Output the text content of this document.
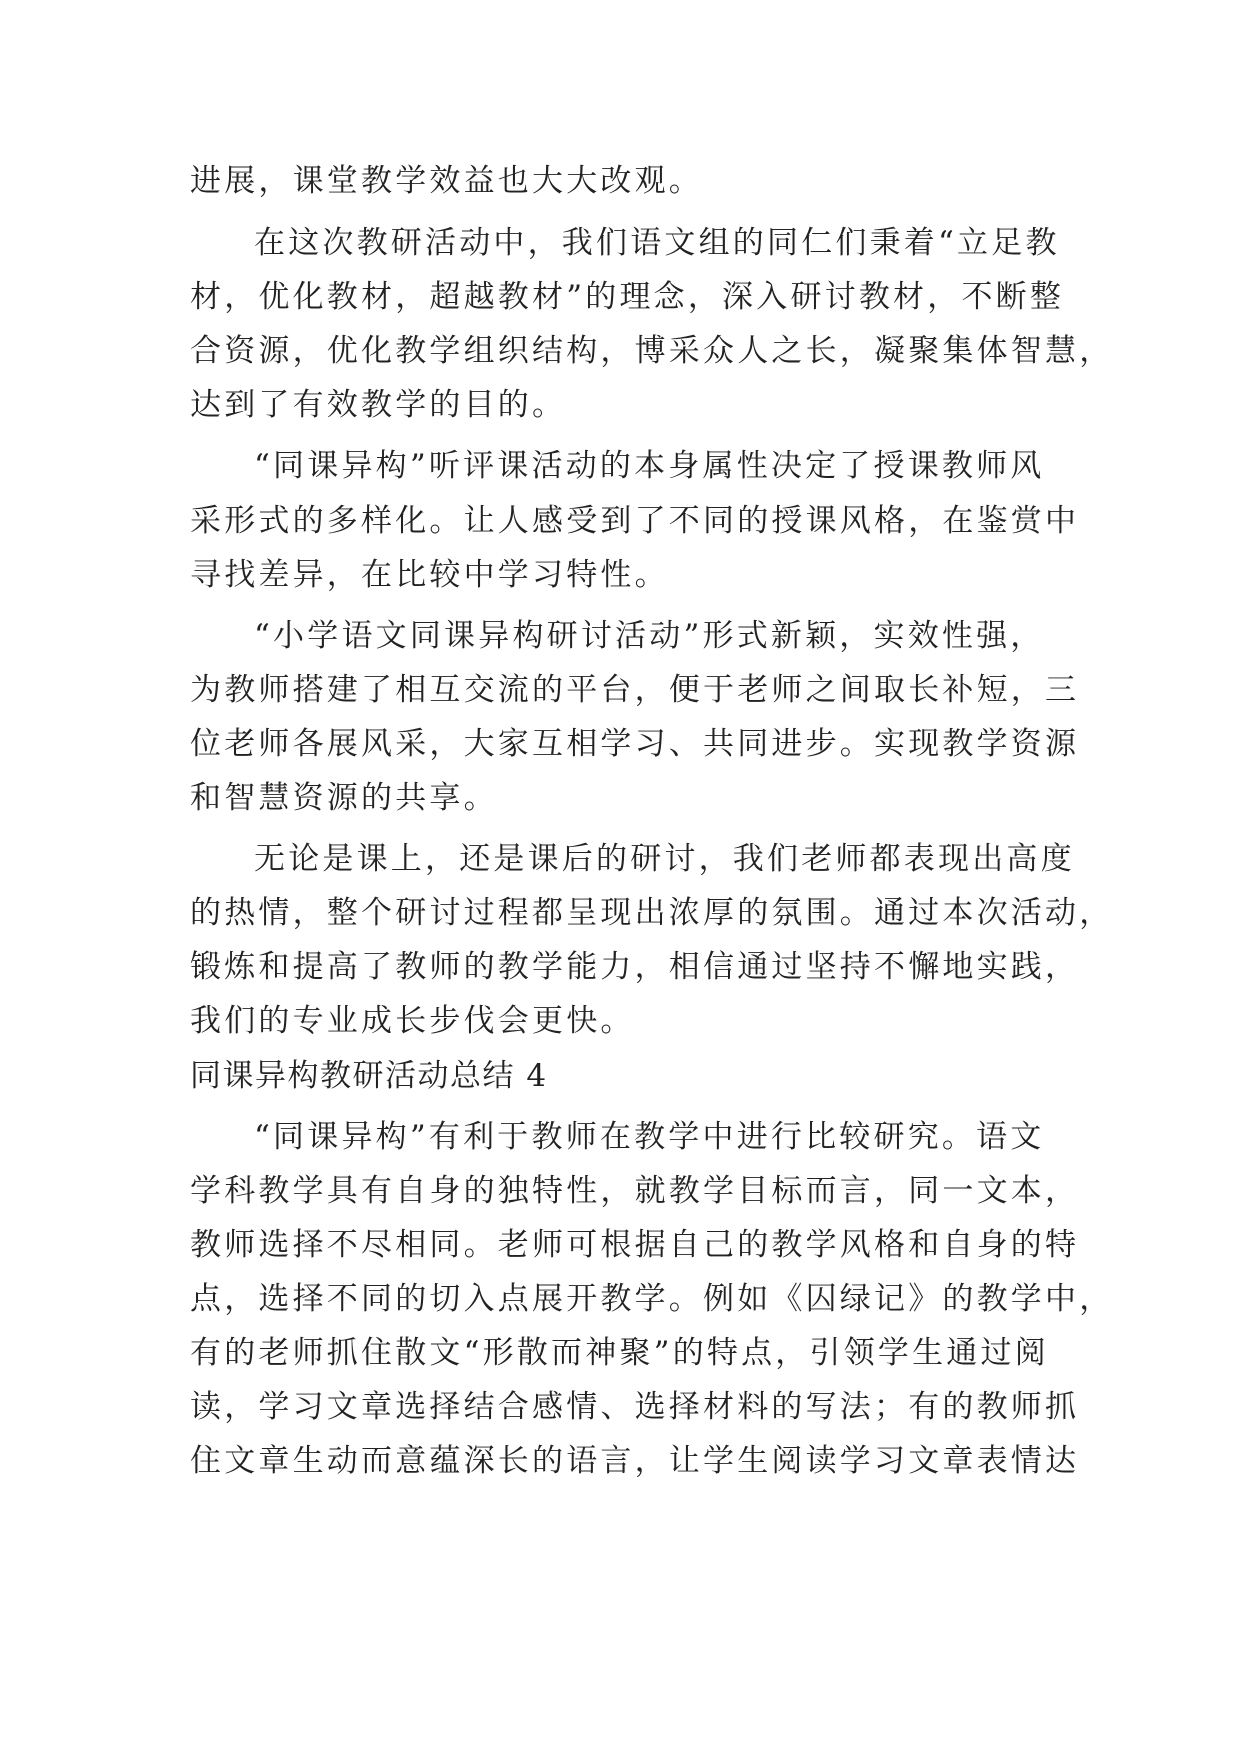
进展，课堂教学效益也大大改观。
在这次教研活动中，我们语文组的同仁们秉着“立足教
材，优化教材，超越教材”的理念，深入研讨教材，不断整
合资源，优化教学组织结构，博采众人之长，凝聚集体智慧，
达到了有效教学的目的。
“同课异构”听评课活动的本身属性决定了授课教师风
采形式的多样化。让人感受到了不同的授课风格，在鉴赏中
寻找差异，在比较中学习特性。
“小学语文同课异构研讨活动”形式新颖，实效性强，
为教师搭建了相互交流的平台，便于老师之间取长补短，三
位老师各展风采，大家互相学习、共同进步。实现教学资源
和智慧资源的共享。
无论是课上，还是课后的研讨，我们老师都表现出高度
的热情，整个研讨过程都呈现出浓厚的氛围。通过本次活动，
锻炼和提高了教师的教学能力，相信通过坚持不懈地实践，
我们的专业成长步伐会更快。
同课异构教研活动总结 4
“同课异构”有利于教师在教学中进行比较研究。语文
学科教学具有自身的独特性，就教学目标而言，同一文本，
教师选择不尽相同。老师可根据自己的教学风格和自身的特
点，选择不同的切入点展开教学。例如《囚绿记》的教学中，
有的老师抓住散文“形散而神聚”的特点，引领学生通过阅
读，学习文章选择结合感情、选择材料的写法；有的教师抓
住文章生动而意蕴深长的语言，让学生阅读学习文章表情达
